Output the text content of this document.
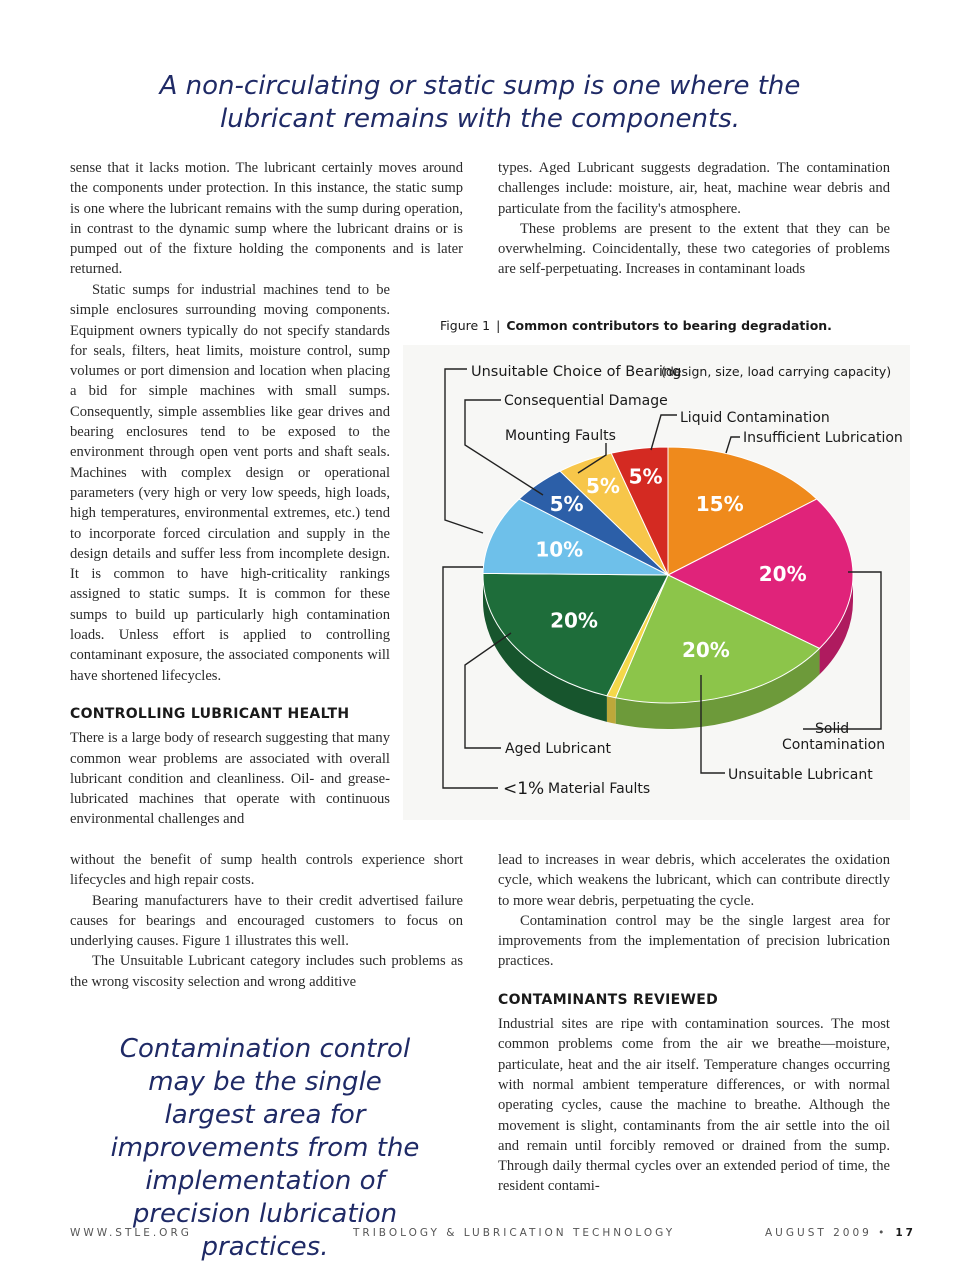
A non-circulating or static sump is one where the lubricant remains with the components.

sense that it lacks motion. The lubricant certainly moves around the components under protection. In this instance, the static sump is one where the lubricant remains with the sump during operation, in contrast to the dynamic sump where the lubricant drains or is pumped out of the fixture holding the components and is later returned.

Static sumps for industrial machines tend to be simple enclosures surrounding moving components. Equipment owners typically do not specify standards for seals, filters, heat limits, moisture control, sump volumes or port dimension and location when placing a bid for simple machines with small sumps. Consequently, simple assemblies like gear drives and bearing enclosures tend to be exposed to the environment through open vent ports and shaft seals. Machines with complex design or operational parameters (very high or very low speeds, high loads, high temperatures, environmental extremes, etc.) tend to incorporate forced circulation and supply in the design details and suffer less from incomplete design. It is common to have high-criticality rankings assigned to static sumps. It is common for these sumps to build up particularly high contamination loads. Unless effort is applied to controlling contaminant exposure, the associated components will have shortened lifecycles.

CONTROLLING LUBRICANT HEALTH

There is a large body of research suggesting that many common wear problems are associated with overall lubricant condition and cleanliness. Oil- and grease-lubricated machines that operate with continuous environmental challenges and

without the benefit of sump health controls experience short lifecycles and high repair costs.

Bearing manufacturers have to their credit advertised failure causes for bearings and encouraged customers to focus on underlying causes. Figure 1 illustrates this well.

The Unsuitable Lubricant category includes such problems as the wrong viscosity selection and wrong additive

types. Aged Lubricant suggests degradation. The contamination challenges include: moisture, air, heat, machine wear debris and particulate from the facility's atmosphere.

These problems are present to the extent that they can be overwhelming. Coincidentally, these two categories of problems are self-perpetuating. Increases in contaminant loads

Figure 1 | Common contributors to bearing degradation.
15%
20%
20%
20%
10%
5%
5% 5%
Unsuitable Choice of Bearing
(design, size, load carrying capacity)
Consequential Damage
Liquid Contamination
Mounting Faults	Insufficient Lubrication
Solid
Contamination
Aged Lubricant
Unsuitable Lubricant
<1% Material Faults

lead to increases in wear debris, which accelerates the oxidation cycle, which weakens the lubricant, which can contribute directly to more wear debris, perpetuating the cycle.

Contamination control may be the single largest area for improvements from the implementation of precision lubrication practices.

CONTAMINANTS REVIEWED

Industrial sites are ripe with contamination sources. The most common problems come from the air we breathe—moisture, particulate, heat and the air itself. Temperature changes occurring with normal ambient temperature differences, or with normal operating cycles, cause the machine to breathe. Although the movement is slight, contaminants from the air settle into the oil and remain until forcibly removed or drained from the sump. Through daily thermal cycles over an extended period of time, the resident contami-

Contamination control may be the single largest area for improvements from the implementation of precision lubrication practices.
WWW.STLE.ORG	TRIBOLOGY & LUBRICATION TECHNOLOGY	AUGUST 2009 • 17
